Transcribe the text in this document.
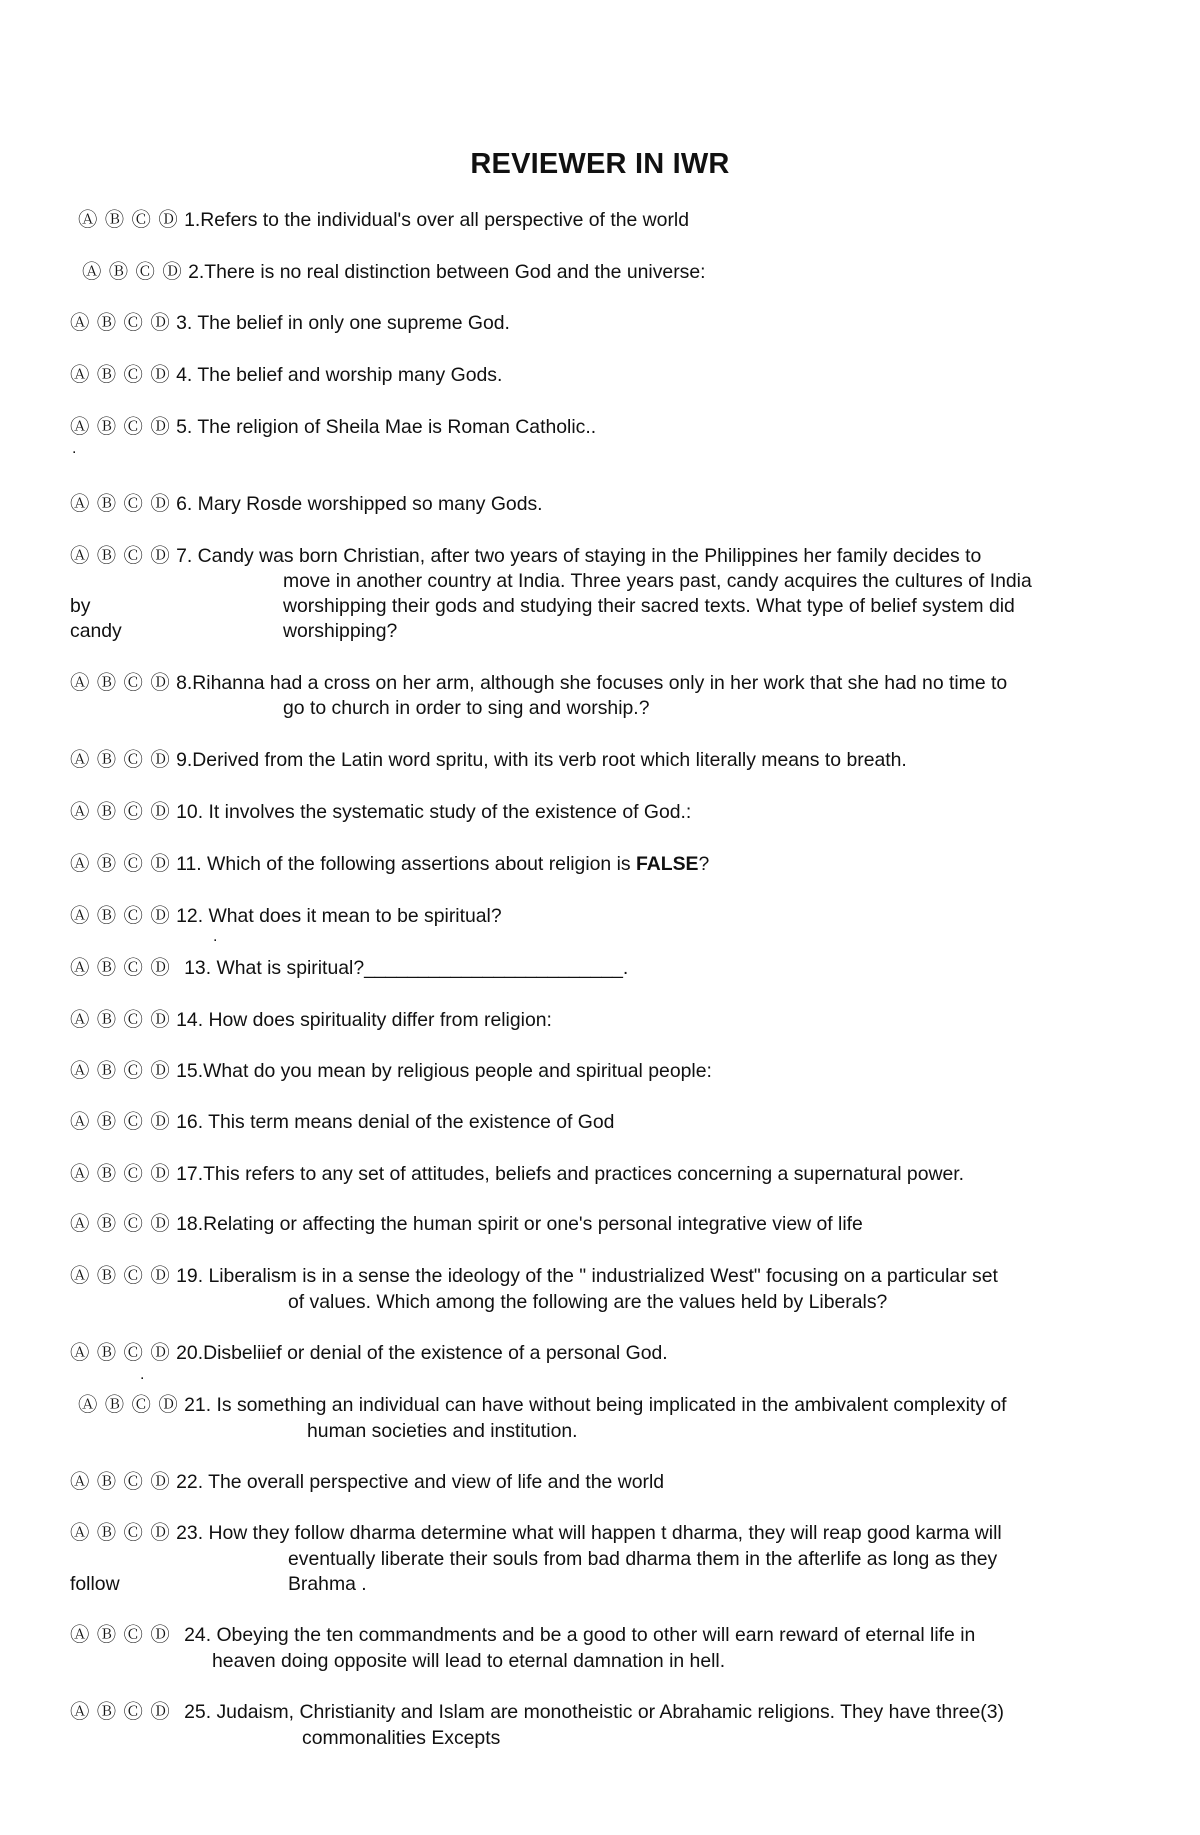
REVIEWER IN IWR
Ⓐ Ⓑ Ⓒ Ⓓ 1.Refers to the individual's over all perspective of the world
Ⓐ Ⓑ Ⓒ Ⓓ 2.There is no real distinction between God and the universe:
Ⓐ Ⓑ Ⓒ Ⓓ 3. The belief in only one supreme God.
Ⓐ Ⓑ Ⓒ Ⓓ 4. The belief and worship many Gods.
Ⓐ Ⓑ Ⓒ Ⓓ 5. The religion of Sheila Mae is Roman Catholic..
.
Ⓐ Ⓑ Ⓒ Ⓓ 6. Mary Rosde worshipped so many Gods.
Ⓐ Ⓑ Ⓒ Ⓓ 7. Candy was born Christian, after two years of staying in the Philippines her family decides to
move in another country at India. Three years past, candy acquires the cultures of India
by	worshipping their gods and studying their sacred texts. What type of belief system did
candy	worshipping?
Ⓐ Ⓑ Ⓒ Ⓓ 8.Rihanna had a cross on her arm, although she focuses only in her work that she had no time to
go to church in order to sing and worship.?
Ⓐ Ⓑ Ⓒ Ⓓ 9.Derived from the Latin word spritu, with its verb root which literally means to breath.
Ⓐ Ⓑ Ⓒ Ⓓ 10. It involves the systematic study of the existence of God.:
Ⓐ Ⓑ Ⓒ Ⓓ 11. Which of the following assertions about religion is FALSE?
Ⓐ Ⓑ Ⓒ Ⓓ 12. What does it mean to be spiritual?
.
Ⓐ Ⓑ Ⓒ Ⓓ 13. What is spiritual?________________________.
Ⓐ Ⓑ Ⓒ Ⓓ 14. How does spirituality differ from religion:
Ⓐ Ⓑ Ⓒ Ⓓ 15.What do you mean by religious people and spiritual people:
Ⓐ Ⓑ Ⓒ Ⓓ 16. This term means denial of the existence of God
Ⓐ Ⓑ Ⓒ Ⓓ 17.This refers to any set of attitudes, beliefs and practices concerning a supernatural power.
Ⓐ Ⓑ Ⓒ Ⓓ 18.Relating or affecting the human spirit or one's personal integrative view of life
Ⓐ Ⓑ Ⓒ Ⓓ 19. Liberalism is in a sense the ideology of the " industrialized West" focusing on a particular set
of values. Which among the following are the values held by Liberals?
Ⓐ Ⓑ Ⓒ Ⓓ 20.Disbeliief or denial of the existence of a personal God.
.
Ⓐ Ⓑ Ⓒ Ⓓ 21. Is something an individual can have without being implicated in the ambivalent complexity of
human societies and institution.
Ⓐ Ⓑ Ⓒ Ⓓ 22. The overall perspective and view of life and the world
Ⓐ Ⓑ Ⓒ Ⓓ 23. How they follow dharma determine what will happen t dharma, they will reap good karma will
eventually liberate their souls from bad dharma them in the afterlife as long as they
follow	Brahma .
Ⓐ Ⓑ Ⓒ Ⓓ 24. Obeying the ten commandments and be a good to other will earn reward of eternal life in
heaven doing opposite will lead to eternal damnation in hell.
Ⓐ Ⓑ Ⓒ Ⓓ 25. Judaism, Christianity and Islam are monotheistic or Abrahamic religions. They have three(3)
commonalities Excepts
